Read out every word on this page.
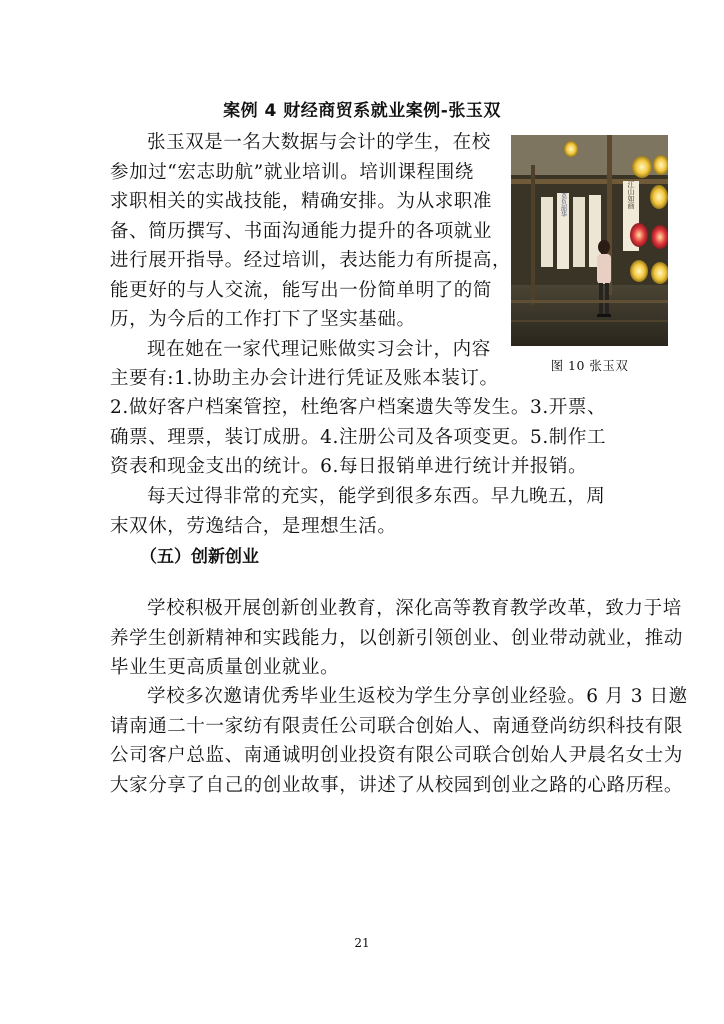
案例 4 财经商贸系就业案例-张玉双
张玉双是一名大数据与会计的学生，在校
参加过“宏志助航”就业培训。培训课程围绕
求职相关的实战技能，精确安排。为从求职准
备、简历撰写、书面沟通能力提升的各项就业
进行展开指导。经过培训，表达能力有所提高，
能更好的与人交流，能写出一份简单明了的简
历，为今后的工作打下了坚实基础。
现在她在一家代理记账做实习会计，内容
主要有:1.协助主办会计进行凭证及账本装订。
江山如画
莫负韶华
图 10 张玉双
2.做好客户档案管控，杜绝客户档案遗失等发生。3.开票、
确票、理票，装订成册。4.注册公司及各项变更。5.制作工
资表和现金支出的统计。6.每日报销单进行统计并报销。
每天过得非常的充实，能学到很多东西。早九晚五，周
末双休，劳逸结合，是理想生活。
（五）创新创业
学校积极开展创新创业教育，深化高等教育教学改革，致力于培
养学生创新精神和实践能力，以创新引领创业、创业带动就业，推动
毕业生更高质量创业就业。
学校多次邀请优秀毕业生返校为学生分享创业经验。6 月 3 日邀
请南通二十一家纺有限责任公司联合创始人、南通登尚纺织科技有限
公司客户总监、南通诚明创业投资有限公司联合创始人尹晨名女士为
大家分享了自己的创业故事，讲述了从校园到创业之路的心路历程。
21
